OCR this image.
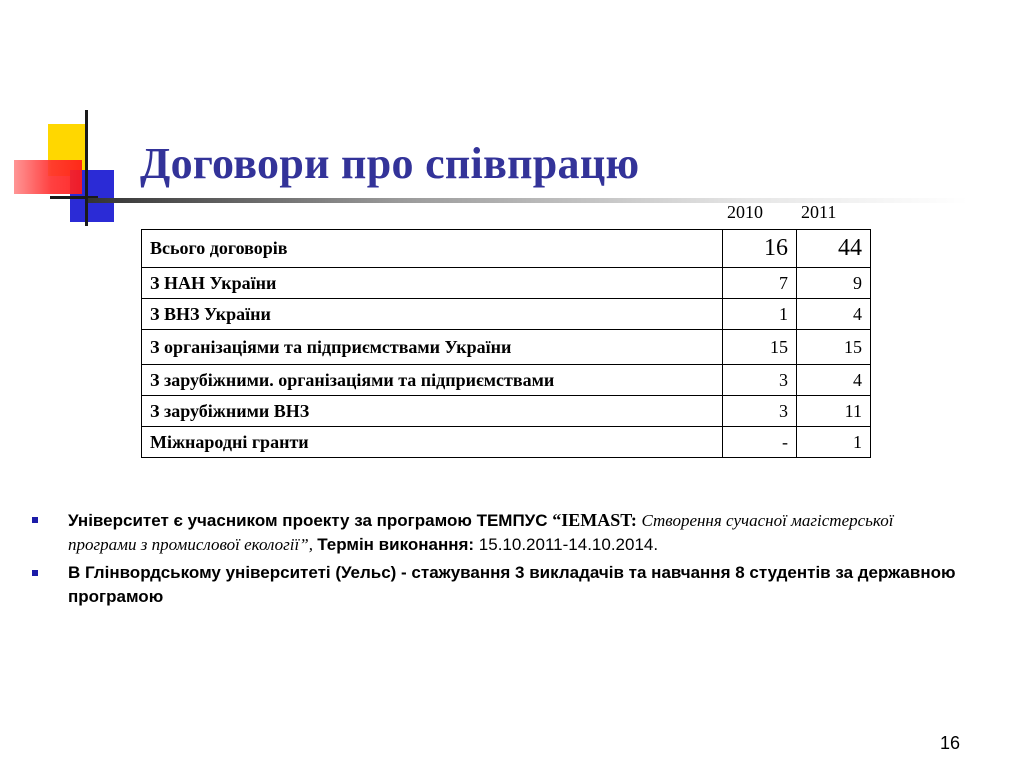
Договори про співпрацю
2010 2011
Всього договорів	16	44
З НАН України	7	9
З ВНЗ України	1	4
З організаціями та підприємствами України	15	15
З зарубіжними. організаціями та підприємствами	3	4
З зарубіжними ВНЗ	3	11
Міжнародні гранти	-	1
Університет є учасником проекту за програмою ТЕМПУС “IEMAST: Створення сучасної магістерської програми з промислової екології”, Термін виконання: 15.10.2011-14.10.2014.
В Глінвордському університеті (Уельс) - стажування 3 викладачів та навчання 8 студентів за державною програмою
16
